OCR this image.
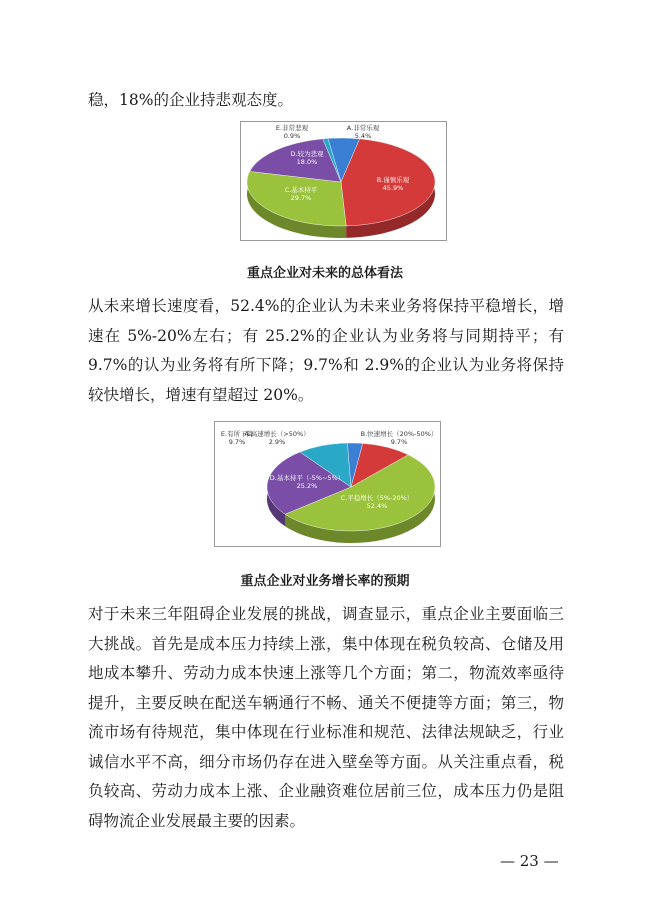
稳，18%的企业持悲观态度。

A.非常乐观 5.4%
B.谨慎乐观 45.9%
C.基本持平 29.7%
D.较为悲观 18.0%
E.非常悲观 0.9%
重点企业对未来的总体看法

从未来增长速度看，52.4%的企业认为未来业务将保持平稳增长，增速在 5%-20%左右；有 25.2%的企业认为业务将与同期持平；有 9.7%的认为业务将有所下降；9.7%和 2.9%的企业认为业务将保持较快增长，增速有望超过 20%。

B.快速增长（20%-50%） 9.7%
C.平稳增长（5%-20%） 52.4%
D.基本持平（-5%~5%） 25.2%
E.有所下降 9.7%
A.高速增长（>50%） 2.9%
重点企业对业务增长率的预期

对于未来三年阻碍企业发展的挑战，调查显示，重点企业主要面临三大挑战。首先是成本压力持续上涨，集中体现在税负较高、仓储及用地成本攀升、劳动力成本快速上涨等几个方面；第二，物流效率亟待提升，主要反映在配送车辆通行不畅、通关不便捷等方面；第三，物流市场有待规范，集中体现在行业标准和规范、法律法规缺乏，行业诚信水平不高，细分市场仍存在进入壁垒等方面。从关注重点看，税负较高、劳动力成本上涨、企业融资难位居前三位，成本压力仍是阻碍物流企业发展最主要的因素。

— 23 —
